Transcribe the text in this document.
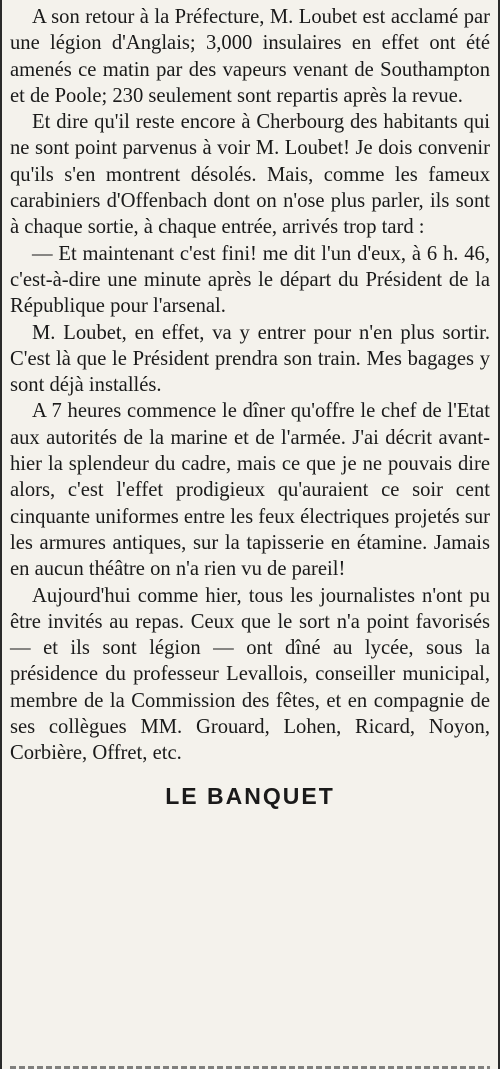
A son retour à la Préfecture, M. Loubet est acclamé par une légion d'Anglais; 3,000 insulaires en effet ont été amenés ce matin par des vapeurs venant de Southampton et de Poole; 230 seulement sont repartis après la revue.

Et dire qu'il reste encore à Cherbourg des habitants qui ne sont point parvenus à voir M. Loubet! Je dois convenir qu'ils s'en montrent désolés. Mais, comme les fameux carabiniers d'Offenbach dont on n'ose plus parler, ils sont à chaque sortie, à chaque entrée, arrivés trop tard :

— Et maintenant c'est fini! me dit l'un d'eux, à 6 h. 46, c'est-à-dire une minute après le départ du Président de la République pour l'arsenal.

M. Loubet, en effet, va y entrer pour n'en plus sortir. C'est là que le Président prendra son train. Mes bagages y sont déjà installés.

A 7 heures commence le dîner qu'offre le chef de l'Etat aux autorités de la marine et de l'armée. J'ai décrit avant-hier la splendeur du cadre, mais ce que je ne pouvais dire alors, c'est l'effet prodigieux qu'auraient ce soir cent cinquante uniformes entre les feux électriques projetés sur les armures antiques, sur la tapisserie en étamine. Jamais en aucun théâtre on n'a rien vu de pareil!

Aujourd'hui comme hier, tous les journalistes n'ont pu être invités au repas. Ceux que le sort n'a point favorisés — et ils sont légion — ont dîné au lycée, sous la présidence du professeur Levallois, conseiller municipal, membre de la Commission des fêtes, et en compagnie de ses collègues MM. Grouard, Lohen, Ricard, Noyon, Corbière, Offret, etc.

LE BANQUET
